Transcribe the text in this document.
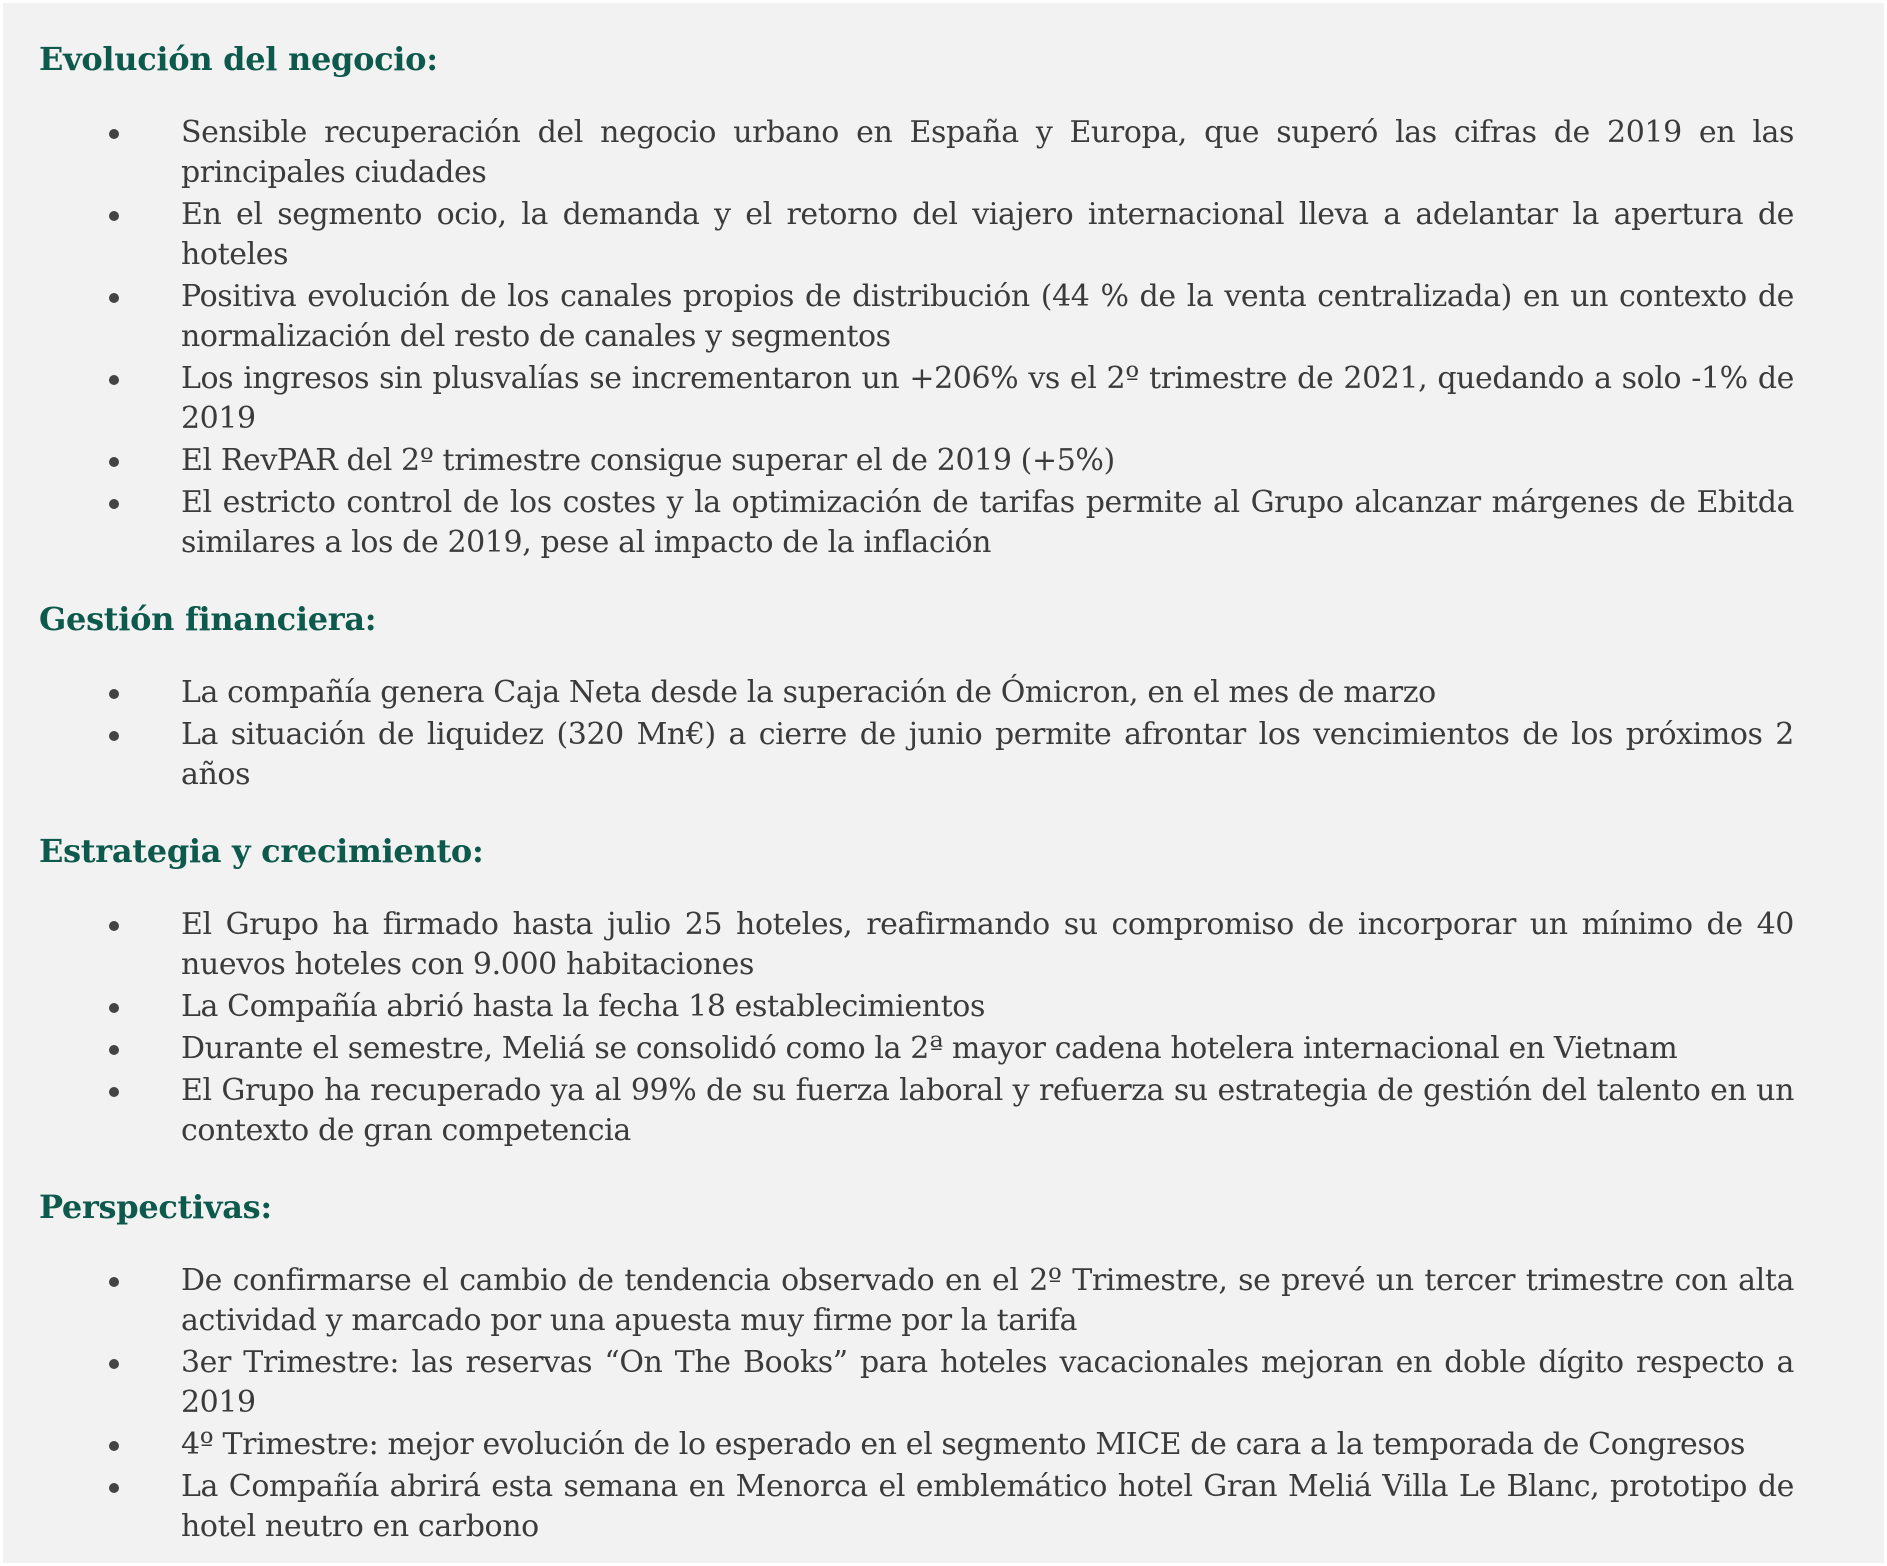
Evolución del negocio:
Sensible recuperación del negocio urbano en España y Europa, que superó las cifras de 2019 en las principales ciudades
En el segmento ocio, la demanda y el retorno del viajero internacional lleva a adelantar la apertura de hoteles
Positiva evolución de los canales propios de distribución (44 % de la venta centralizada) en un contexto de normalización del resto de canales y segmentos
Los ingresos sin plusvalías se incrementaron un +206% vs el 2º trimestre de 2021, quedando a solo -1% de 2019
El RevPAR del 2º trimestre consigue superar el de 2019 (+5%)
El estricto control de los costes y la optimización de tarifas permite al Grupo alcanzar márgenes de Ebitda similares a los de 2019, pese al impacto de la inflación
Gestión financiera:
La compañía genera Caja Neta desde la superación de Ómicron, en el mes de marzo
La situación de liquidez (320 Mn€) a cierre de junio permite afrontar los vencimientos de los próximos 2 años
Estrategia y crecimiento:
El Grupo ha firmado hasta julio 25 hoteles, reafirmando su compromiso de incorporar un mínimo de 40 nuevos hoteles con 9.000 habitaciones
La Compañía abrió hasta la fecha 18 establecimientos
Durante el semestre, Meliá se consolidó como la 2ª mayor cadena hotelera internacional en Vietnam
El Grupo ha recuperado ya al 99% de su fuerza laboral y refuerza su estrategia de gestión del talento en un contexto de gran competencia
Perspectivas:
De confirmarse el cambio de tendencia observado en el 2º Trimestre, se prevé un tercer trimestre con alta actividad y marcado por una apuesta muy firme por la tarifa
3er Trimestre: las reservas “On The Books” para hoteles vacacionales mejoran en doble dígito respecto a 2019
4º Trimestre: mejor evolución de lo esperado en el segmento MICE de cara a la temporada de Congresos
La Compañía abrirá esta semana en Menorca el emblemático hotel Gran Meliá Villa Le Blanc, prototipo de hotel neutro en carbono
